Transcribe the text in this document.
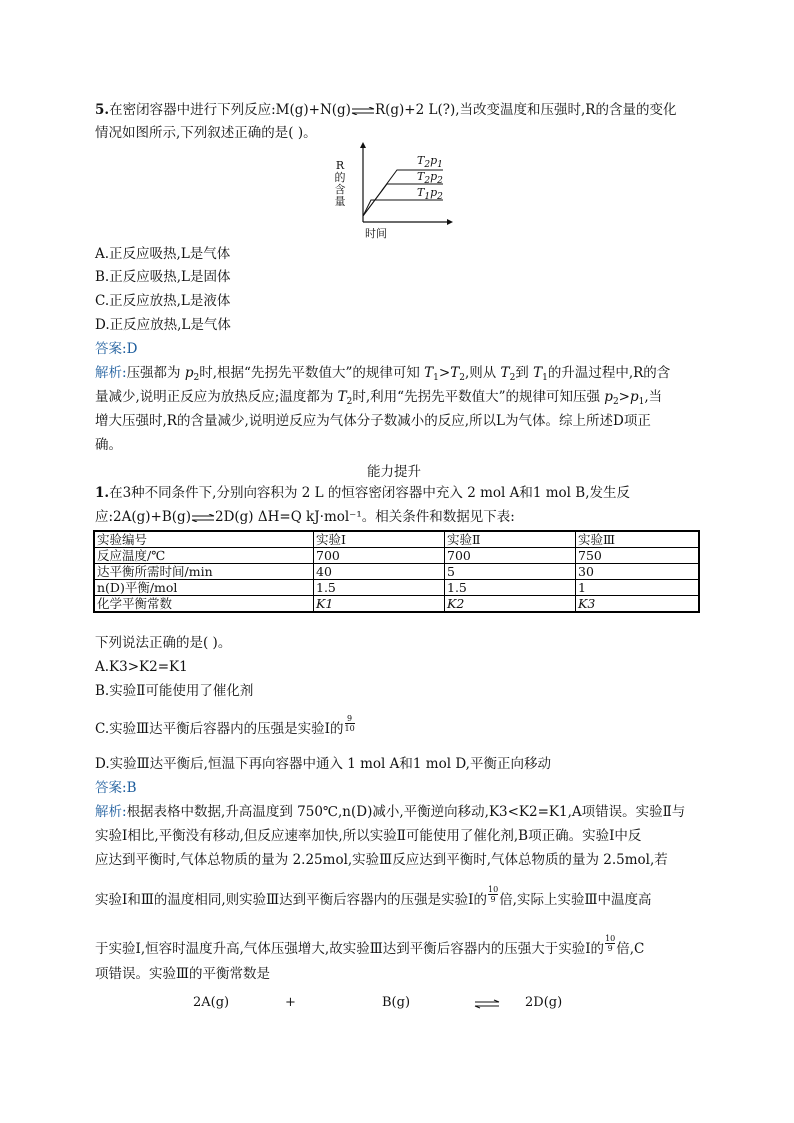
5.在密闭容器中进行下列反应:M(g)+N(g)⇌R(g)+2 L(?),当改变温度和压强时,R的含量的变化
情况如图所示,下列叙述正确的是( )。
R的含量
时间
$T_2p_1$
$T_2p_2$
$T_1p_2$
A.正反应吸热,L是气体
B.正反应吸热,L是固体
C.正反应放热,L是液体
D.正反应放热,L是气体
答案:D
解析:压强都为 $p_2$时,根据“先拐先平数值大”的规律可知 $T_1>T_2$,则从 $T_2$到 $T_1$的升温过程中,R的含
量减少,说明正反应为放热反应;温度都为 $T_2$时,利用“先拐先平数值大”的规律可知压强 $p_2>p_1$,当
增大压强时,R的含量减少,说明逆反应为气体分子数减小的反应,所以L为气体。综上所述D项正
确。
能力提升
1.在3种不同条件下,分别向容积为 2 L 的恒容密闭容器中充入 2 mol A和1 mol B,发生反
应:2A(g)+B(g)⇌2D(g) ΔH=Q kJ·mol⁻¹。相关条件和数据见下表:
实验编号	实验Ⅰ	实验Ⅱ	实验Ⅲ
反应温度/℃	700	700	750
达平衡所需时间/min	40	5	30
n(D)平衡/mol	1.5	1.5	1
化学平衡常数	K1	K2	K3
下列说法正确的是( )。
A.K3>K2=K1
B.实验Ⅱ可能使用了催化剂
C.实验Ⅲ达平衡后容器内的压强是实验Ⅰ的 $\frac{9}{10}$
D.实验Ⅲ达平衡后,恒温下再向容器中通入 1 mol A和1 mol D,平衡正向移动
答案:B
解析:根据表格中数据,升高温度到 750℃,n(D)减小,平衡逆向移动,K3<K2=K1,A项错误。实验Ⅱ与
实验Ⅰ相比,平衡没有移动,但反应速率加快,所以实验Ⅱ可能使用了催化剂,B项正确。实验Ⅰ中反
应达到平衡时,气体总物质的量为 2.25mol,实验Ⅲ反应达到平衡时,气体总物质的量为 2.5mol,若
实验Ⅰ和Ⅲ的温度相同,则实验Ⅲ达到平衡后容器内的压强是实验Ⅰ的 $\frac{10}{9}$ 倍,实际上实验Ⅲ中温度高
于实验Ⅰ,恒容时温度升高,气体压强增大,故实验Ⅲ达到平衡后容器内的压强大于实验Ⅰ的 $\frac{10}{9}$ 倍,C
项错误。实验Ⅲ的平衡常数是
2A(g)	+	B(g)	2D(g)
